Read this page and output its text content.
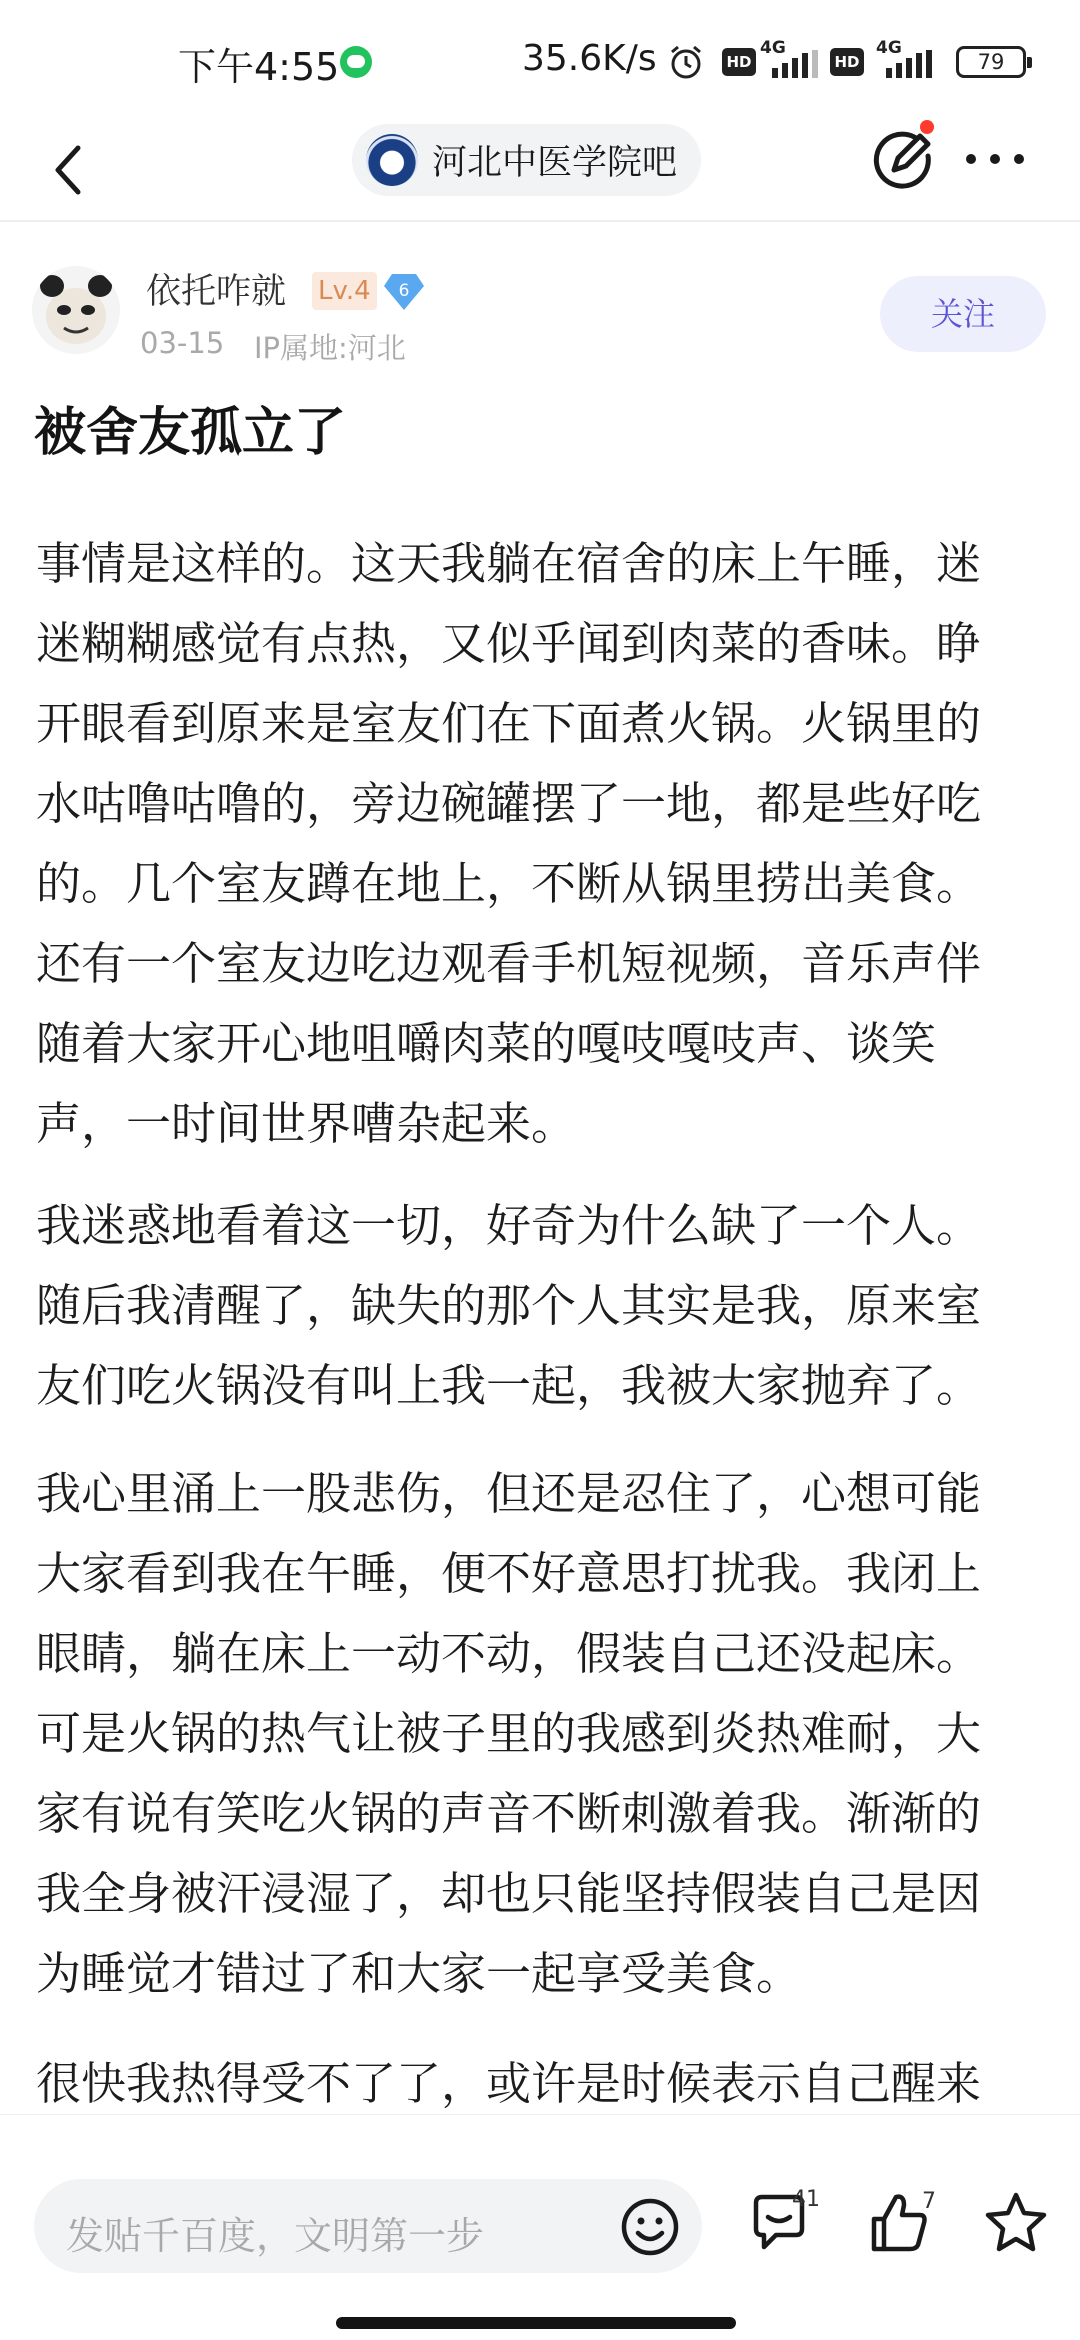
下午4:55	35.6K/s	HD
4G
HD
4G
79
河北中医学院吧
依托咋就 Lv.4	6
03-15 IP属地:河北
关注
被舍友孤立了
事情是这样的。这天我躺在宿舍的床上午睡，迷
迷糊糊感觉有点热，又似乎闻到肉菜的香味。睁
开眼看到原来是室友们在下面煮火锅。火锅里的
水咕噜咕噜的，旁边碗罐摆了一地，都是些好吃
的。几个室友蹲在地上，不断从锅里捞出美食。
还有一个室友边吃边观看手机短视频，音乐声伴
随着大家开心地咀嚼肉菜的嘎吱嘎吱声、谈笑
声，一时间世界嘈杂起来。
我迷惑地看着这一切，好奇为什么缺了一个人。
随后我清醒了，缺失的那个人其实是我，原来室
友们吃火锅没有叫上我一起，我被大家抛弃了。
我心里涌上一股悲伤，但还是忍住了，心想可能
大家看到我在午睡，便不好意思打扰我。我闭上
眼睛，躺在床上一动不动，假装自己还没起床。
可是火锅的热气让被子里的我感到炎热难耐，大
家有说有笑吃火锅的声音不断刺激着我。渐渐的
我全身被汗浸湿了，却也只能坚持假装自己是因
为睡觉才错过了和大家一起享受美食。
很快我热得受不了了，或许是时候表示自己醒来
发贴千百度，文明第一步
41	7
